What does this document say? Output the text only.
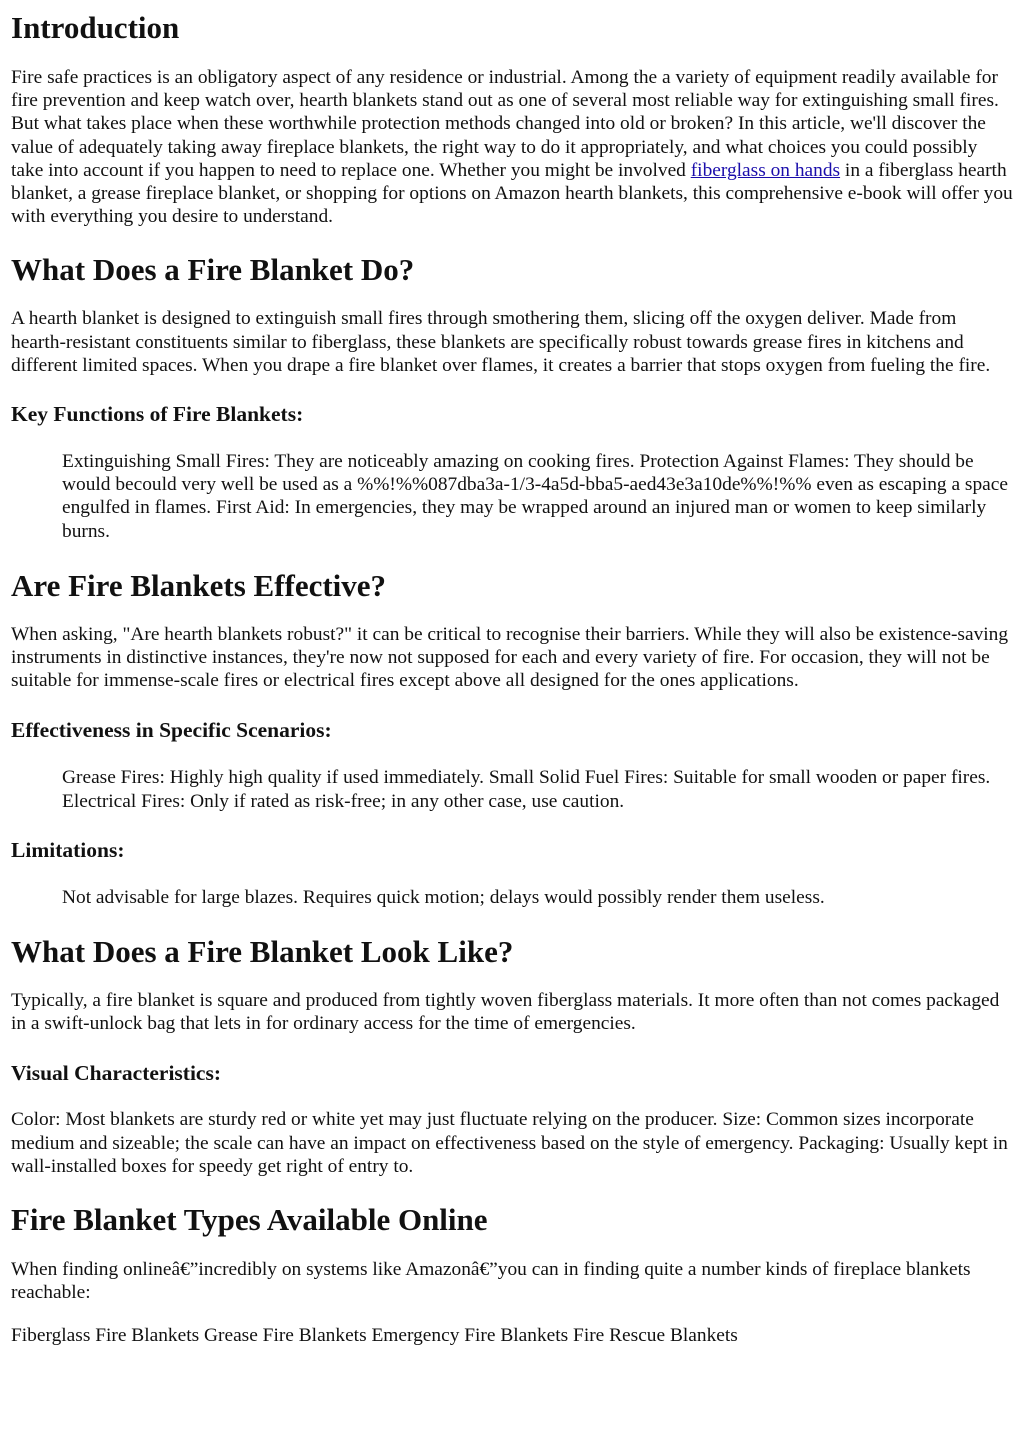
Introduction

Fire safe practices is an obligatory aspect of any residence or industrial. Among the a variety of equipment readily available for fire prevention and keep watch over, hearth blankets stand out as one of several most reliable way for extinguishing small fires. But what takes place when these worthwhile protection methods changed into old or broken? In this article, we'll discover the value of adequately taking away fireplace blankets, the right way to do it appropriately, and what choices you could possibly take into account if you happen to need to replace one. Whether you might be involved fiberglass on hands in a fiberglass hearth blanket, a grease fireplace blanket, or shopping for options on Amazon hearth blankets, this comprehensive e-book will offer you with everything you desire to understand.

What Does a Fire Blanket Do?

A hearth blanket is designed to extinguish small fires through smothering them, slicing off the oxygen deliver. Made from hearth-resistant constituents similar to fiberglass, these blankets are specifically robust towards grease fires in kitchens and different limited spaces. When you drape a fire blanket over flames, it creates a barrier that stops oxygen from fueling the fire.

Key Functions of Fire Blankets:

Extinguishing Small Fires: They are noticeably amazing on cooking fires. Protection Against Flames: They should be would becould very well be used as a %%!%%087dba3a-1/3-4a5d-bba5-aed43e3a10de%%!%% even as escaping a space engulfed in flames. First Aid: In emergencies, they may be wrapped around an injured man or women to keep similarly burns.

Are Fire Blankets Effective?

When asking, "Are hearth blankets robust?" it can be critical to recognise their barriers. While they will also be existence-saving instruments in distinctive instances, they're now not supposed for each and every variety of fire. For occasion, they will not be suitable for immense-scale fires or electrical fires except above all designed for the ones applications.

Effectiveness in Specific Scenarios:

Grease Fires: Highly high quality if used immediately. Small Solid Fuel Fires: Suitable for small wooden or paper fires. Electrical Fires: Only if rated as risk-free; in any other case, use caution.

Limitations:

Not advisable for large blazes. Requires quick motion; delays would possibly render them useless.

What Does a Fire Blanket Look Like?

Typically, a fire blanket is square and produced from tightly woven fiberglass materials. It more often than not comes packaged in a swift-unlock bag that lets in for ordinary access for the time of emergencies.

Visual Characteristics:

Color: Most blankets are sturdy red or white yet may just fluctuate relying on the producer. Size: Common sizes incorporate medium and sizeable; the scale can have an impact on effectiveness based on the style of emergency. Packaging: Usually kept in wall-installed boxes for speedy get right of entry to.

Fire Blanket Types Available Online

When finding onlineâ€”incredibly on systems like Amazonâ€”you can in finding quite a number kinds of fireplace blankets reachable:

Fiberglass Fire Blankets Grease Fire Blankets Emergency Fire Blankets Fire Rescue Blankets
